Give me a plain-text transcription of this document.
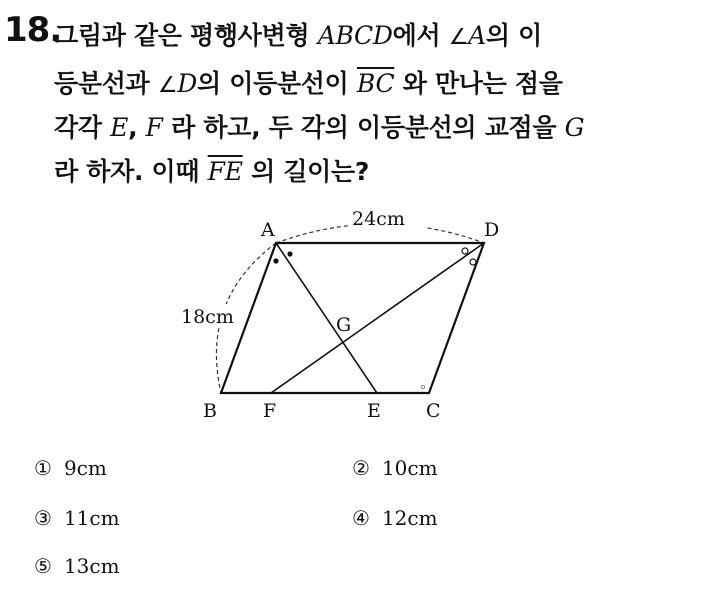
18.
그림과 같은 평행사변형 ABCD에서 ∠A의 이
등분선과 ∠D의 이등분선이 $\overline{BC}$ 와 만나는 점을
각각 E, F 라 하고, 두 각의 이등분선의 교점을 G
라 하자. 이때 $\overline{FE}$ 의 길이는?
A	D
B F	E C
G
24cm
18cm
① 9cm	② 10cm
③ 11cm	④ 12cm
⑤ 13cm
